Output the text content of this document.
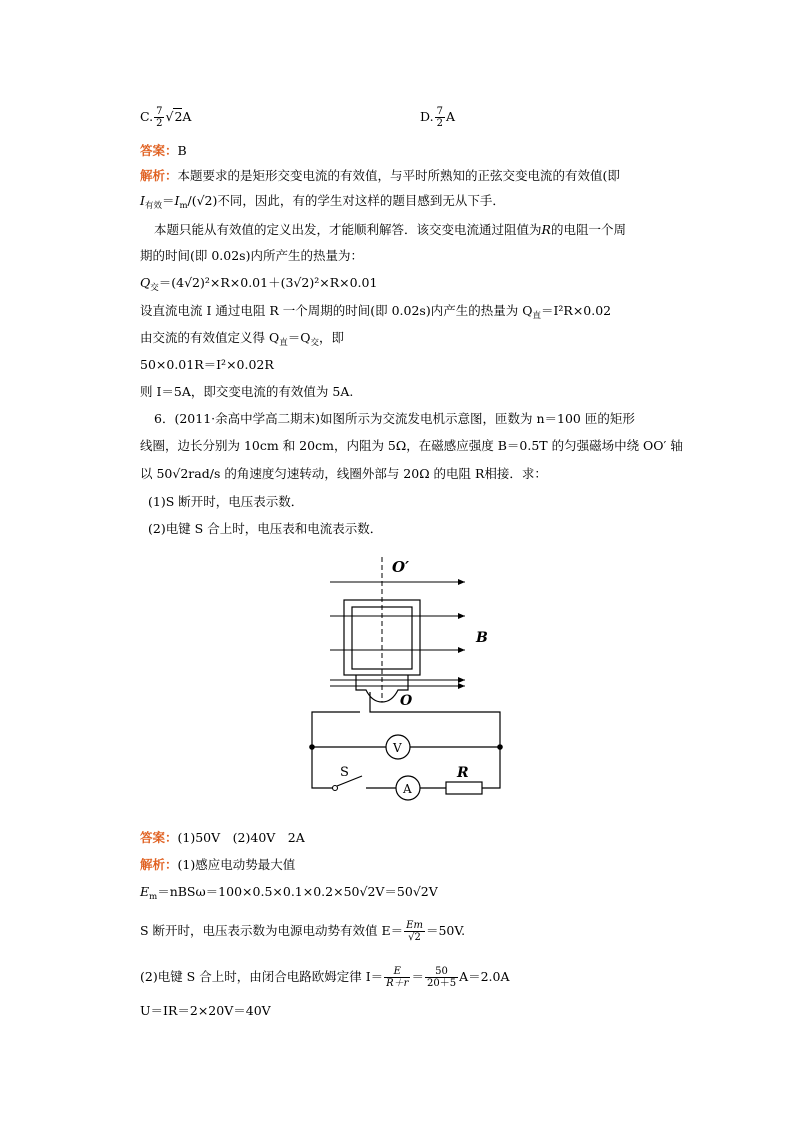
C. $\frac{7}{2} √2A$	D. $\frac{7}{2}$ A
答案：B
解析：本题要求的是矩形交变电流的有效值，与平时所熟知的正弦交变电流的有效值(即
$I_{有效}=I_m/(√2)$不同，因此，有的学生对这样的题目感到无从下手．
本题只能从有效值的定义出发，才能顺利解答．该交变电流通过阻值为R的电阻一个周
期的时间(即 0.02s)内所产生的热量为：
$Q_交=(4√2)^2\times R\times 0.01+(3√2)^2\times R\times 0.01$
设直流电流 I 通过电阻 R 一个周期的时间(即 0.02s)内产生的热量为 $Q_直=I^2R\times 0.02$
由交流的有效值定义得 $Q_直=Q_交$，即
50×0.01R＝I²×0.02R
则 I＝5A，即交变电流的有效值为 5A.
6．(2011·余高中学高二期末)如图所示为交流发电机示意图，匝数为 n＝100 匝的矩形
线圈，边长分别为 10cm 和 20cm，内阻为 5Ω，在磁感应强度 B＝0.5T 的匀强磁场中绕 OO′ 轴
以 50√2rad/s 的角速度匀速转动，线圈外部与 20Ω 的电阻 R相接．求：
(1)S 断开时，电压表示数．
(2)电键 S 合上时，电压表和电流表示数．
O′
O
B
V
A
S	R
答案：(1)50V　(2)40V　2A
解析：(1)感应电动势最大值
$E_m=nBS\omega=100\times 0.5\times 0.1\times 0.2\times 50√2V=50√2V$
S 断开时，电压表示数为电源电动势有效值 $E= \frac{Em}{√2} =50V$.
(2)电键 S 合上时，由闭合电路欧姆定律 $I= \frac{E}{R+r} = \frac{50}{20+5} A=2.0A$
U＝IR＝2×20V＝40V
